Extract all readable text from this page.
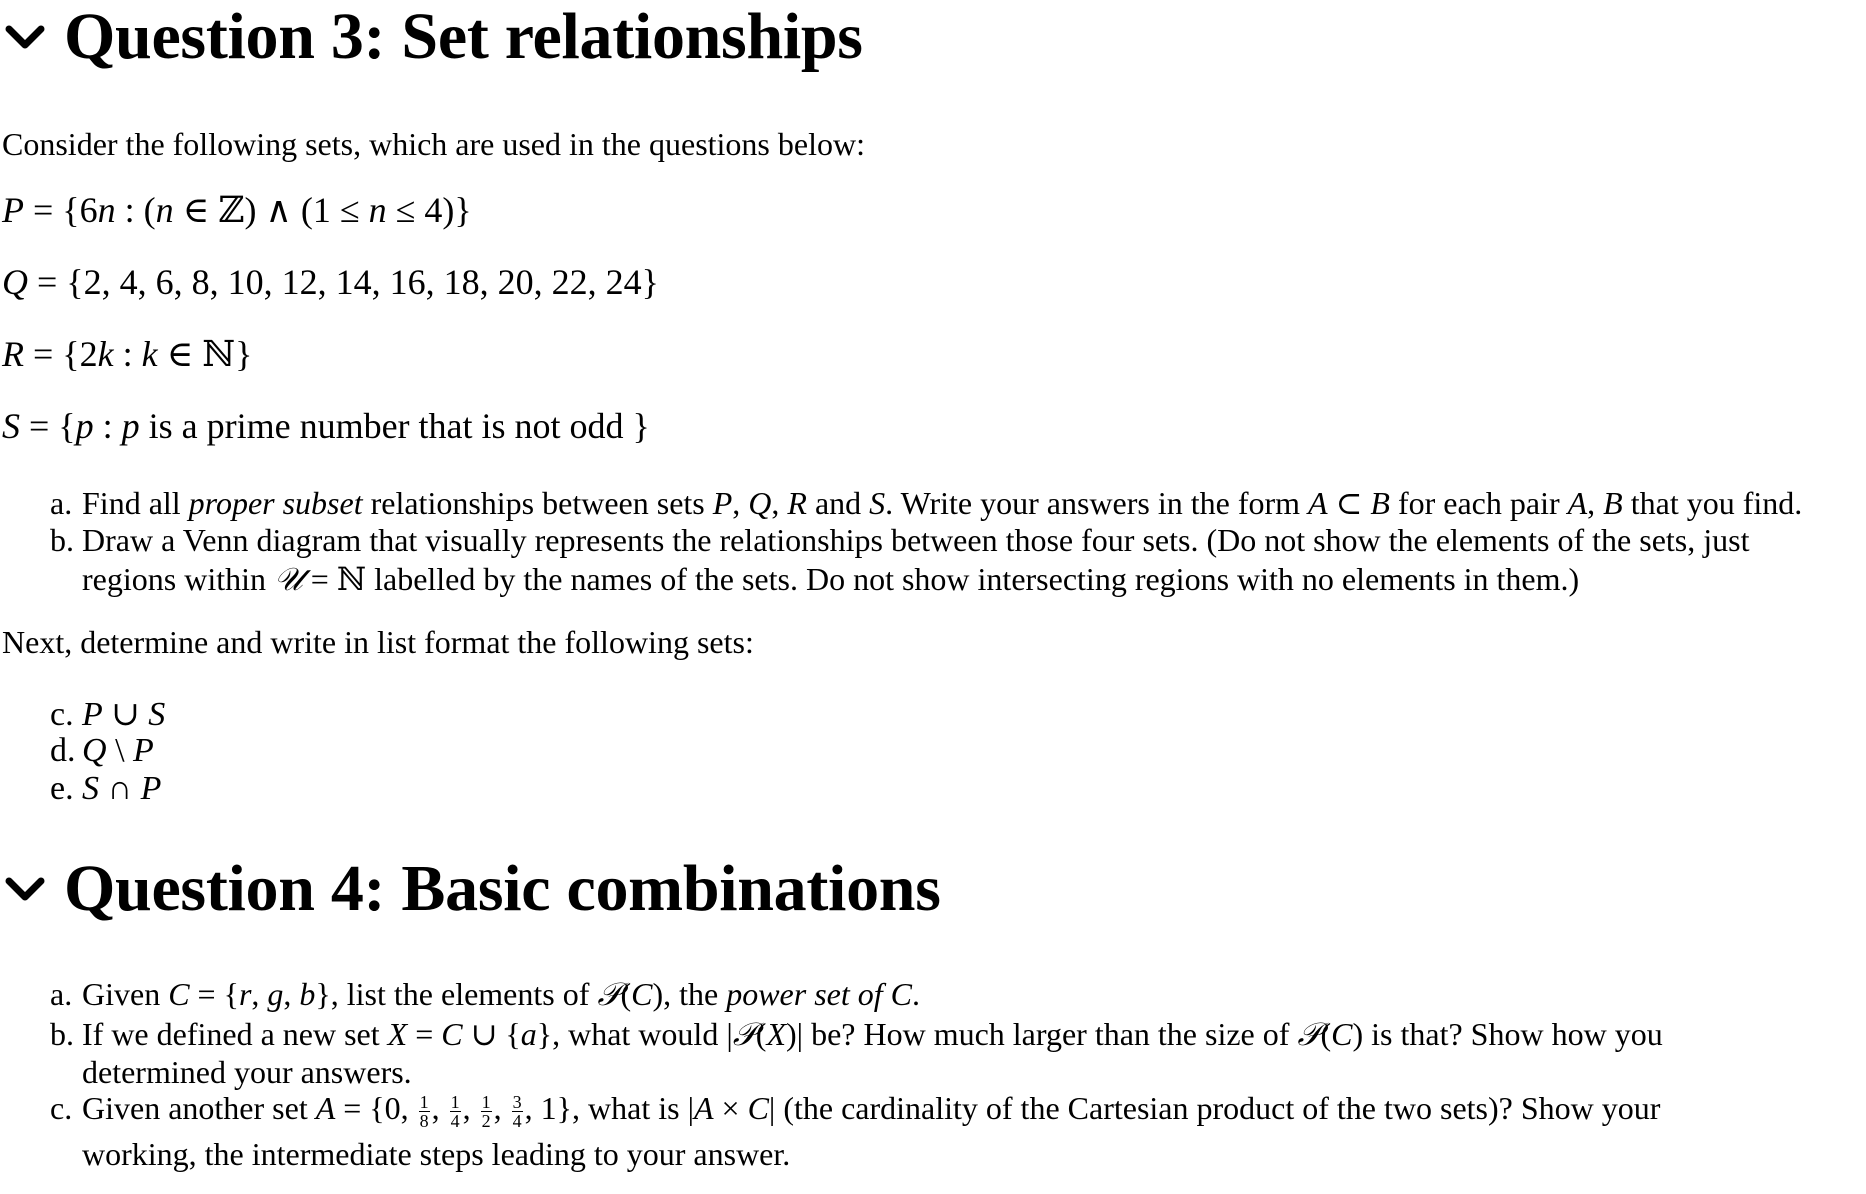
Question 3: Set relationships
Consider the following sets, which are used in the questions below:
P = {6n : (n ∈ ℤ) ∧ (1 ≤ n ≤ 4)}
Q = {2, 4, 6, 8, 10, 12, 14, 16, 18, 20, 22, 24}
R = {2k : k ∈ ℕ}
S = {p : p is a prime number that is not odd }
a. Find all proper subset relationships between sets P, Q, R and S. Write your answers in the form A ⊂ B for each pair A, B that you find.
b. Draw a Venn diagram that visually represents the relationships between those four sets. (Do not show the elements of the sets, just
regions within 𝒰 = ℕ labelled by the names of the sets. Do not show intersecting regions with no elements in them.)
Next, determine and write in list format the following sets:
c. P ∪ S
d. Q \ P
e. S ∩ P
Question 4: Basic combinations
a. Given C = {r, g, b}, list the elements of 𝒫(C), the power set of C.
b. If we defined a new set X = C ∪ {a}, what would |𝒫(X)| be? How much larger than the size of 𝒫(C) is that? Show how you
determined your answers.
c. Given another set A = {0, $\frac{1}{8}$ , $\frac{1}{4}$ , $\frac{1}{2}$ , $\frac{3}{4}$ , 1}, what is |A × C| (the cardinality of the Cartesian product of the two sets)? Show your
working, the intermediate steps leading to your answer.
